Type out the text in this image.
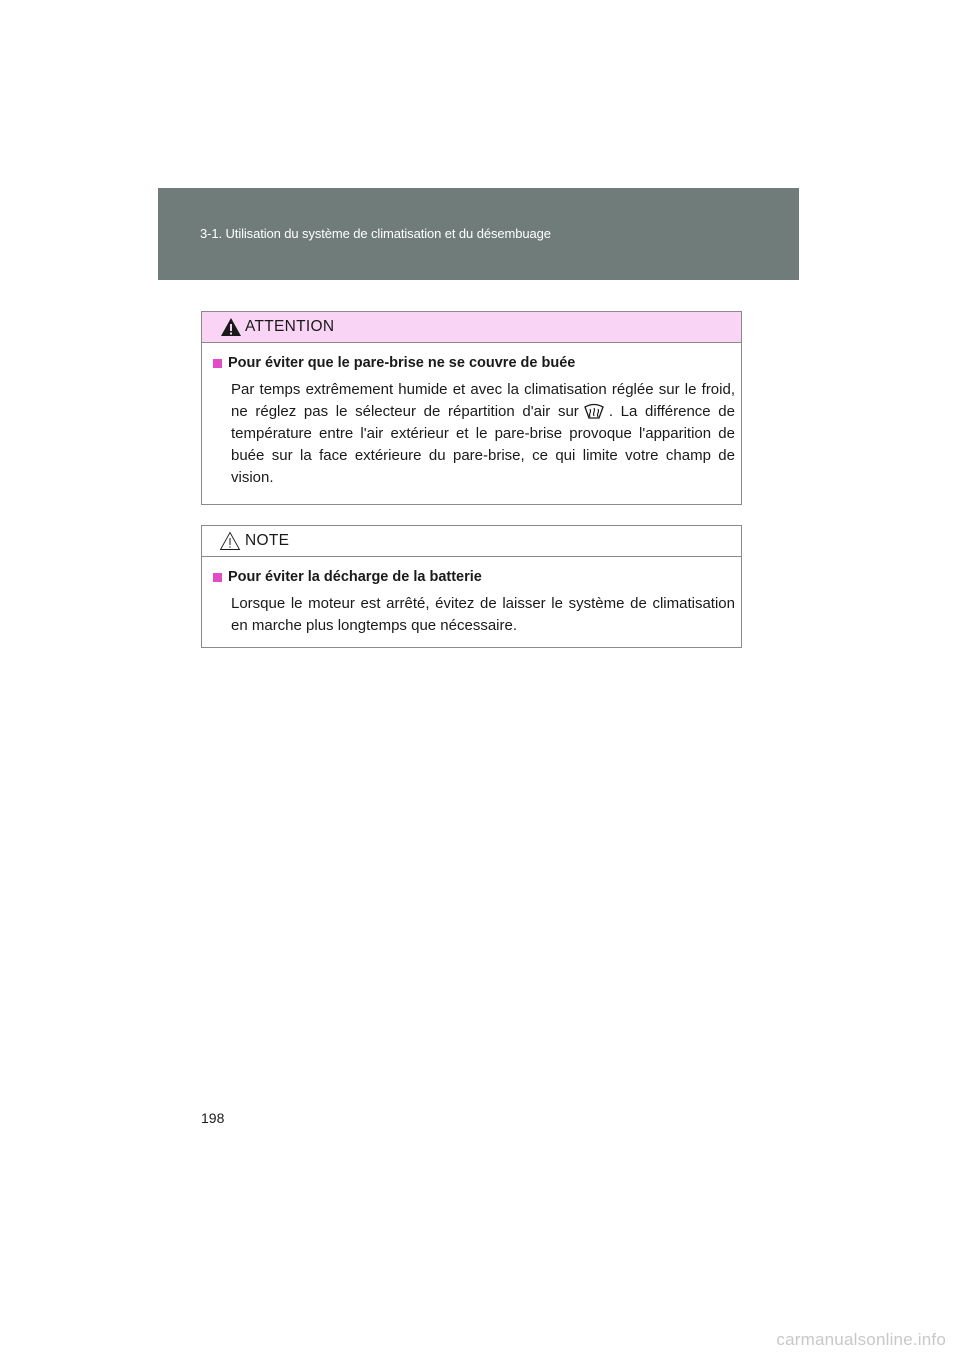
3-1. Utilisation du système de climatisation et du désembuage
ATTENTION
Pour éviter que le pare-brise ne se couvre de buée

Par temps extrêmement humide et avec la climatisation réglée sur le froid, ne réglez pas le sélecteur de répartition d'air sur . La différence de température entre l'air extérieur et le pare-brise provoque l'apparition de buée sur la face extérieure du pare-brise, ce qui limite votre champ de vision.

NOTE
Pour éviter la décharge de la batterie

Lorsque le moteur est arrêté, évitez de laisser le système de climatisation en marche plus longtemps que nécessaire.

198
carmanualsonline.info
